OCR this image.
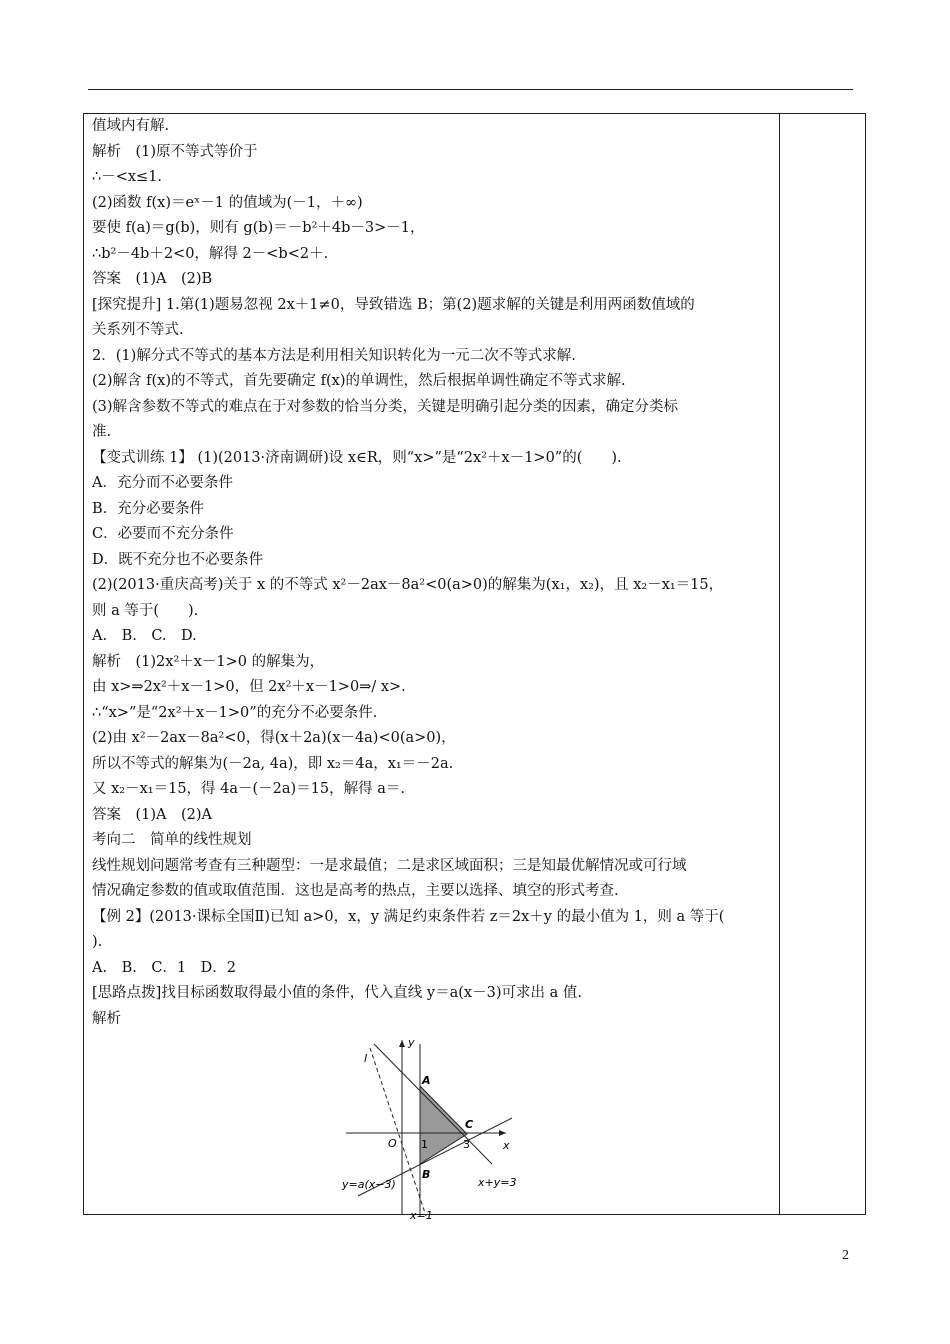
值域内有解.

解析　(1)原不等式等价于

∴－<x≤1.

(2)函数 f(x)＝eˣ－1 的值域为(－1，＋∞)

要使 f(a)＝g(b)，则有 g(b)＝－b²＋4b－3>－1，

∴b²－4b＋2<0，解得 2－<b<2＋.

答案　(1)A　(2)B

[探究提升] 1.第(1)题易忽视 2x＋1≠0，导致错选 B；第(2)题求解的关键是利用两函数值域的

关系列不等式.

2．(1)解分式不等式的基本方法是利用相关知识转化为一元二次不等式求解.

(2)解含 f(x)的不等式，首先要确定 f(x)的单调性，然后根据单调性确定不等式求解.

(3)解含参数不等式的难点在于对参数的恰当分类，关键是明确引起分类的因素，确定分类标

准.

【变式训练 1】 (1)(2013·济南调研)设 x∈R，则“x>”是“2x²＋x－1>0”的(　　).

A．充分而不必要条件

B．充分必要条件

C．必要而不充分条件

D．既不充分也不必要条件

(2)(2013·重庆高考)关于 x 的不等式 x²－2ax－8a²<0(a>0)的解集为(x₁，x₂)，且 x₂－x₁＝15，

则 a 等于(　　).

A.　B.　C.　D.

解析　(1)2x²＋x－1>0 的解集为，

由 x>⇒2x²＋x－1>0，但 2x²＋x－1>0⇒/ x>.

∴“x>”是“2x²＋x－1>0”的充分不必要条件.

(2)由 x²－2ax－8a²<0，得(x＋2a)(x－4a)<0(a>0)，

所以不等式的解集为(－2a, 4a)，即 x₂＝4a，x₁＝－2a.

又 x₂－x₁＝15，得 4a－(－2a)＝15，解得 a＝.

答案　(1)A　(2)A

考向二　简单的线性规划

线性规划问题常考查有三种题型：一是求最值；二是求区域面积；三是知最优解情况或可行域

情况确定参数的值或取值范围．这也是高考的热点，主要以选择、填空的形式考查.

【例 2】(2013·课标全国Ⅱ)已知 a>0，x，y 满足约束条件若 z＝2x＋y 的最小值为 1，则 a 等于(

).

A.　B.　C．1　D．2

[思路点拨]找目标函数取得最小值的条件，代入直线 y＝a(x－3)可求出 a 值.

解析

y
x
l
O 1	3
A
B
C
y=a(x−3)	x+y=3
x=1
2
